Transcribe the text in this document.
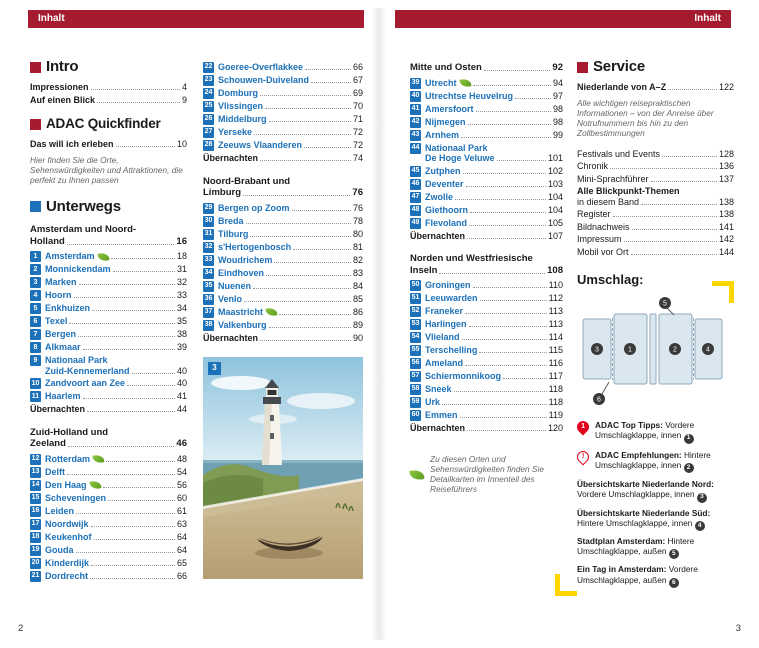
Inhalt	Inhalt
Intro
Impressionen	4
Auf einen Blick	9
ADAC Quickfinder
Das will ich erleben	10

Hier finden Sie die Orte, Sehenswürdigkeiten und Attraktionen, die perfekt zu Ihnen passen

Unterwegs
Amsterdam und Noord-
Holland	16
1 Amsterdam	18
2 Monnickendam	31
3 Marken	32
4 Hoorn	33
5 Enkhuizen	34
6 Texel	35
7 Bergen	38
8 Alkmaar	39
9 Nationaal Park
Zuid-Kennemerland	40
10 Zandvoort aan Zee	40
11 Haarlem	41
Übernachten	44
Zuid-Holland und
Zeeland	46
12 Rotterdam	48
13 Delft	54
14 Den Haag	56
15 Scheveningen	60
16 Leiden	61
17 Noordwijk	63
18 Keukenhof	64
19 Gouda	64
20 Kinderdijk	65
21 Dordrecht	66
22 Goeree-Overflakkee	66
23 Schouwen-Duiveland	67
24 Domburg	69
25 Vlissingen	70
26 Middelburg	71
27 Yerseke	72
28 Zeeuws Vlaanderen	72
Übernachten	74
Noord-Brabant und
Limburg	76
29 Bergen op Zoom	76
30 Breda	78
31 Tilburg	80
32 s'Hertogenbosch	81
33 Woudrichem	82
34 Eindhoven	83
35 Nuenen	84
36 Venlo	85
37 Maastricht	86
38 Valkenburg	89
Übernachten	90
3
Mitte und Osten	92
39 Utrecht	94
40 Utrechtse Heuvelrug	97
41 Amersfoort	98
42 Nijmegen	98
43 Arnhem	99
44 Nationaal Park
De Hoge Veluwe	101
45 Zutphen	102
46 Deventer	103
47 Zwolle	104
48 Giethoorn	104
49 Flevoland	105
Übernachten	107
Norden und Westfriesische
Inseln	108
50 Groningen	110
51 Leeuwarden	112
52 Franeker	113
53 Harlingen	113
54 Vlieland	114
55 Terschelling	115
56 Ameland	116
57 Schiermonnikoog	117
58 Sneek	118
59 Urk	118
60 Emmen	119
Übernachten	120
Zu diesen Orten und Sehenswürdigkeiten finden Sie Detailkarten im Innenteil des Reiseführers
Service
Niederlande von A–Z	122

Alle wichtigen reisepraktischen Informationen – von der Anreise über Notrufnummern bis hin zu den Zollbestimmungen

Festivals und Events	128
Chronik	136
Mini-Sprachführer	137
Alle Blickpunkt-Themen
in diesem Band	138
Register	138
Bildnachweis	141
Impressum	142
Mobil vor Ort	144
Umschlag:
3	1	2	4
5
6
1 ADAC Top Tipps: Vordere Umschlagklappe, innen 1
! ADAC Empfehlungen: Hintere Umschlagklappe, innen 2
Übersichtskarte Niederlande Nord: Vordere Umschlagklappe, innen 3
Übersichtskarte Niederlande Süd: Hintere Umschlagklappe, innen 4
Stadtplan Amsterdam: Hintere Umschlagklappe, außen 5
Ein Tag in Amsterdam: Vordere Umschlagklappe, außen 6
2	3
